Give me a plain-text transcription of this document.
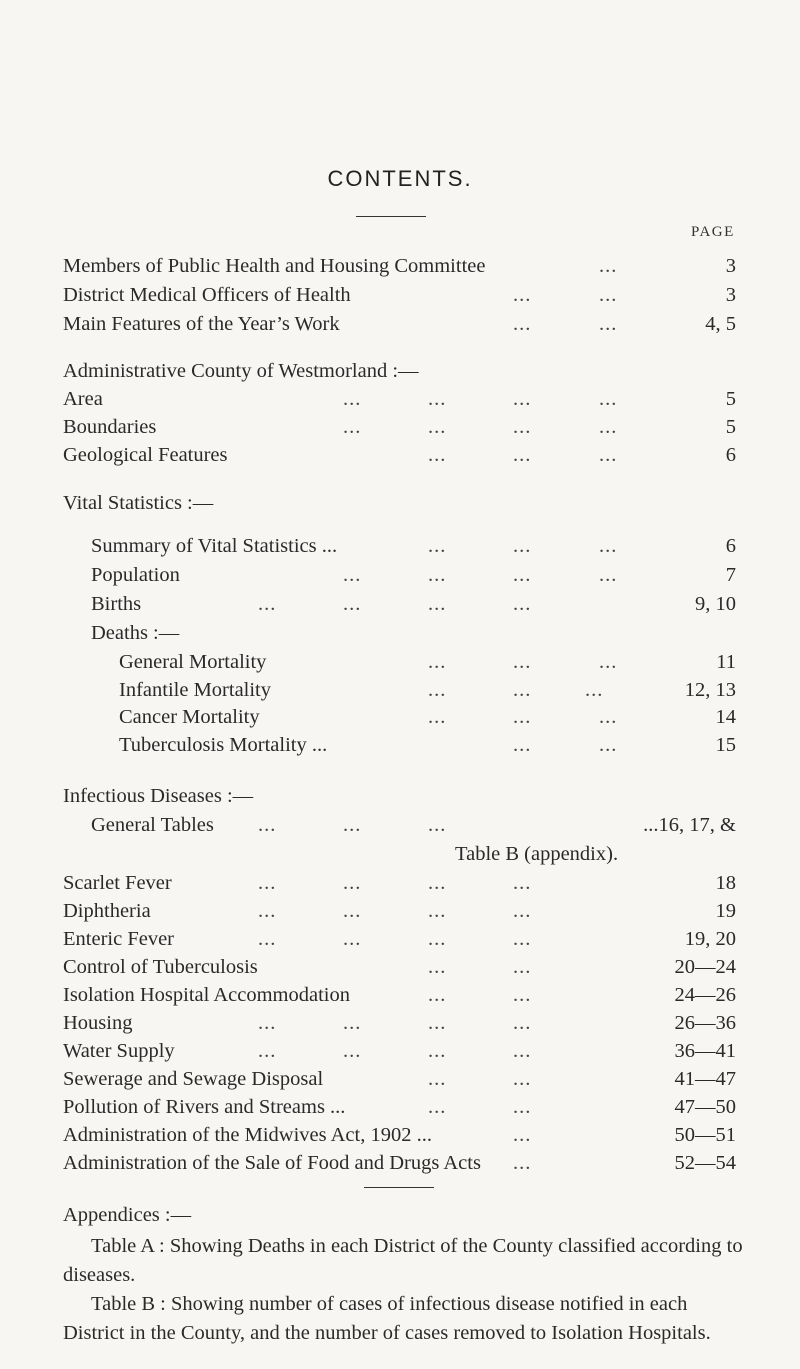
CONTENTS.
PAGE
Members of Public Health and Housing Committee	...	3
District Medical Officers of Health	...	...	3
Main Features of the Year’s Work	...	...	4, 5
Administrative County of Westmorland :—
Area	...	...	...	...	5
Boundaries	...	...	...	...	5
Geological Features	...	...	...	6
Vital Statistics :—
Summary of Vital Statistics ...	...	...	...	6
Population	...	...	...	...	7
Births	...	...	...	...	9, 10
Deaths :—
General Mortality	...	...	...	11
Infantile Mortality	...	...	...	12, 13
Cancer Mortality	...	...	...	14
Tuberculosis Mortality ...	...	...	15
Infectious Diseases :—
General Tables ...	...	...	...16, 17, &
Table B (appendix).
Scarlet Fever	...	...	...	...	18
Diphtheria	...	...	...	...	19
Enteric Fever	...	...	...	...	19, 20
Control of Tuberculosis	...	...	20—24
Isolation Hospital Accommodation	...	...	24—26
Housing	...	...	...	...	26—36
Water Supply	...	...	...	...	36—41
Sewerage and Sewage Disposal	...	...	41—47
Pollution of Rivers and Streams ...	...	...	47—50
Administration of the Midwives Act, 1902 ...	...	50—51
Administration of the Sale of Food and Drugs Acts ...	52—54
Appendices :—
Table A : Showing Deaths in each District of the County classified according to diseases.
Table B : Showing number of cases of infectious disease notified in each District in the County, and the number of cases removed to Isolation Hospitals.
